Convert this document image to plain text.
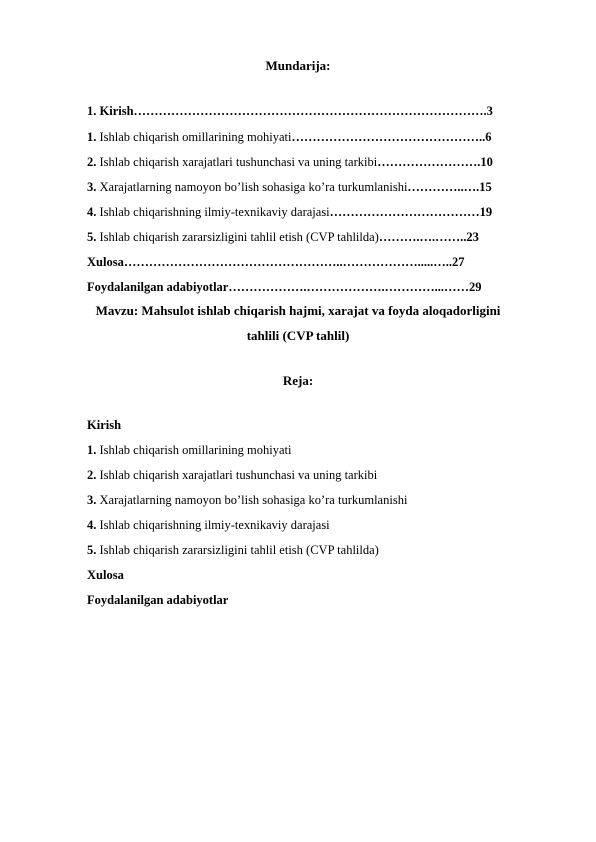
Mundarija:
1. Kirish………………………………………………………………………….3
1. Ishlab chiqarish omillarining mohiyati………………………………………..6
2. Ishlab chiqarish xarajatlari tushunchasi va uning tarkibi…………………….10
3. Xarajatlarning namoyon bo’lish sohasiga ko’ra turkumlanishi…………..….15
4. Ishlab chiqarishning ilmiy-texnikaviy darajasi………………………………19
5. Ishlab chiqarish zararsizligini tahlil etish (CVP tahlilda)……….….……..23
Xulosa……………………………………………..……………….....…..27
Foydalanilgan adabiyotlar……………….……………….…………...……29
Mavzu: Mahsulot ishlab chiqarish hajmi, xarajat va foyda aloqadorligini
tahlili (CVP tahlil)
Reja:
Kirish
1. Ishlab chiqarish omillarining mohiyati
2. Ishlab chiqarish xarajatlari tushunchasi va uning tarkibi
3. Xarajatlarning namoyon bo’lish sohasiga ko’ra turkumlanishi
4. Ishlab chiqarishning ilmiy-texnikaviy darajasi
5. Ishlab chiqarish zararsizligini tahlil etish (CVP tahlilda)
Xulosa
Foydalanilgan adabiyotlar
